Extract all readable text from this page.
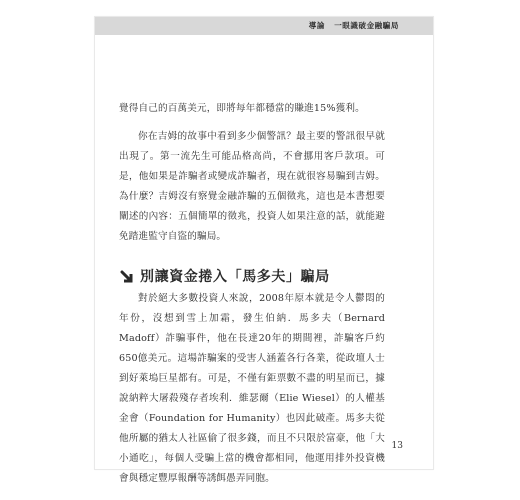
導論 一眼識破金融騙局

覺得自己的百萬美元，即將每年都穩當的賺進15%獲利。

你在吉姆的故事中看到多少個警訊？最主要的警訊很早就出現了。第一流先生可能品格高尚，不會挪用客戶款項。可是，他如果是詐騙者或變成詐騙者，現在就很容易騙到吉姆。為什麼？吉姆沒有察覺金融詐騙的五個徵兆，這也是本書想要闡述的內容：五個簡單的徵兆，投資人如果注意的話，就能避免踏進監守自盜的騙局。

別讓資金捲入「馬多夫」騙局

對於絕大多數投資人來說，2008年原本就是令人鬱悶的年份，沒想到雪上加霜，發生伯納．馬多夫（Bernard Madoff）詐騙事件，他在長達20年的期間裡，詐騙客戶約650億美元。這場詐騙案的受害人涵蓋各行各業，從政壇人士到好萊塢巨星都有。可是，不僅有鉅票數不盡的明星而已，據說納粹大屠殺殘存者埃利．維瑟爾（Elie Wiesel）的人權基金會（Foundation for Humanity）也因此破產。馬多夫從他所屬的猶太人社區偷了很多錢，而且不只限於富豪，他「大小通吃」，每個人受騙上當的機會都相同，他運用排外投資機會與穩定豐厚報酬等誘餌愚弄同胞。

13
